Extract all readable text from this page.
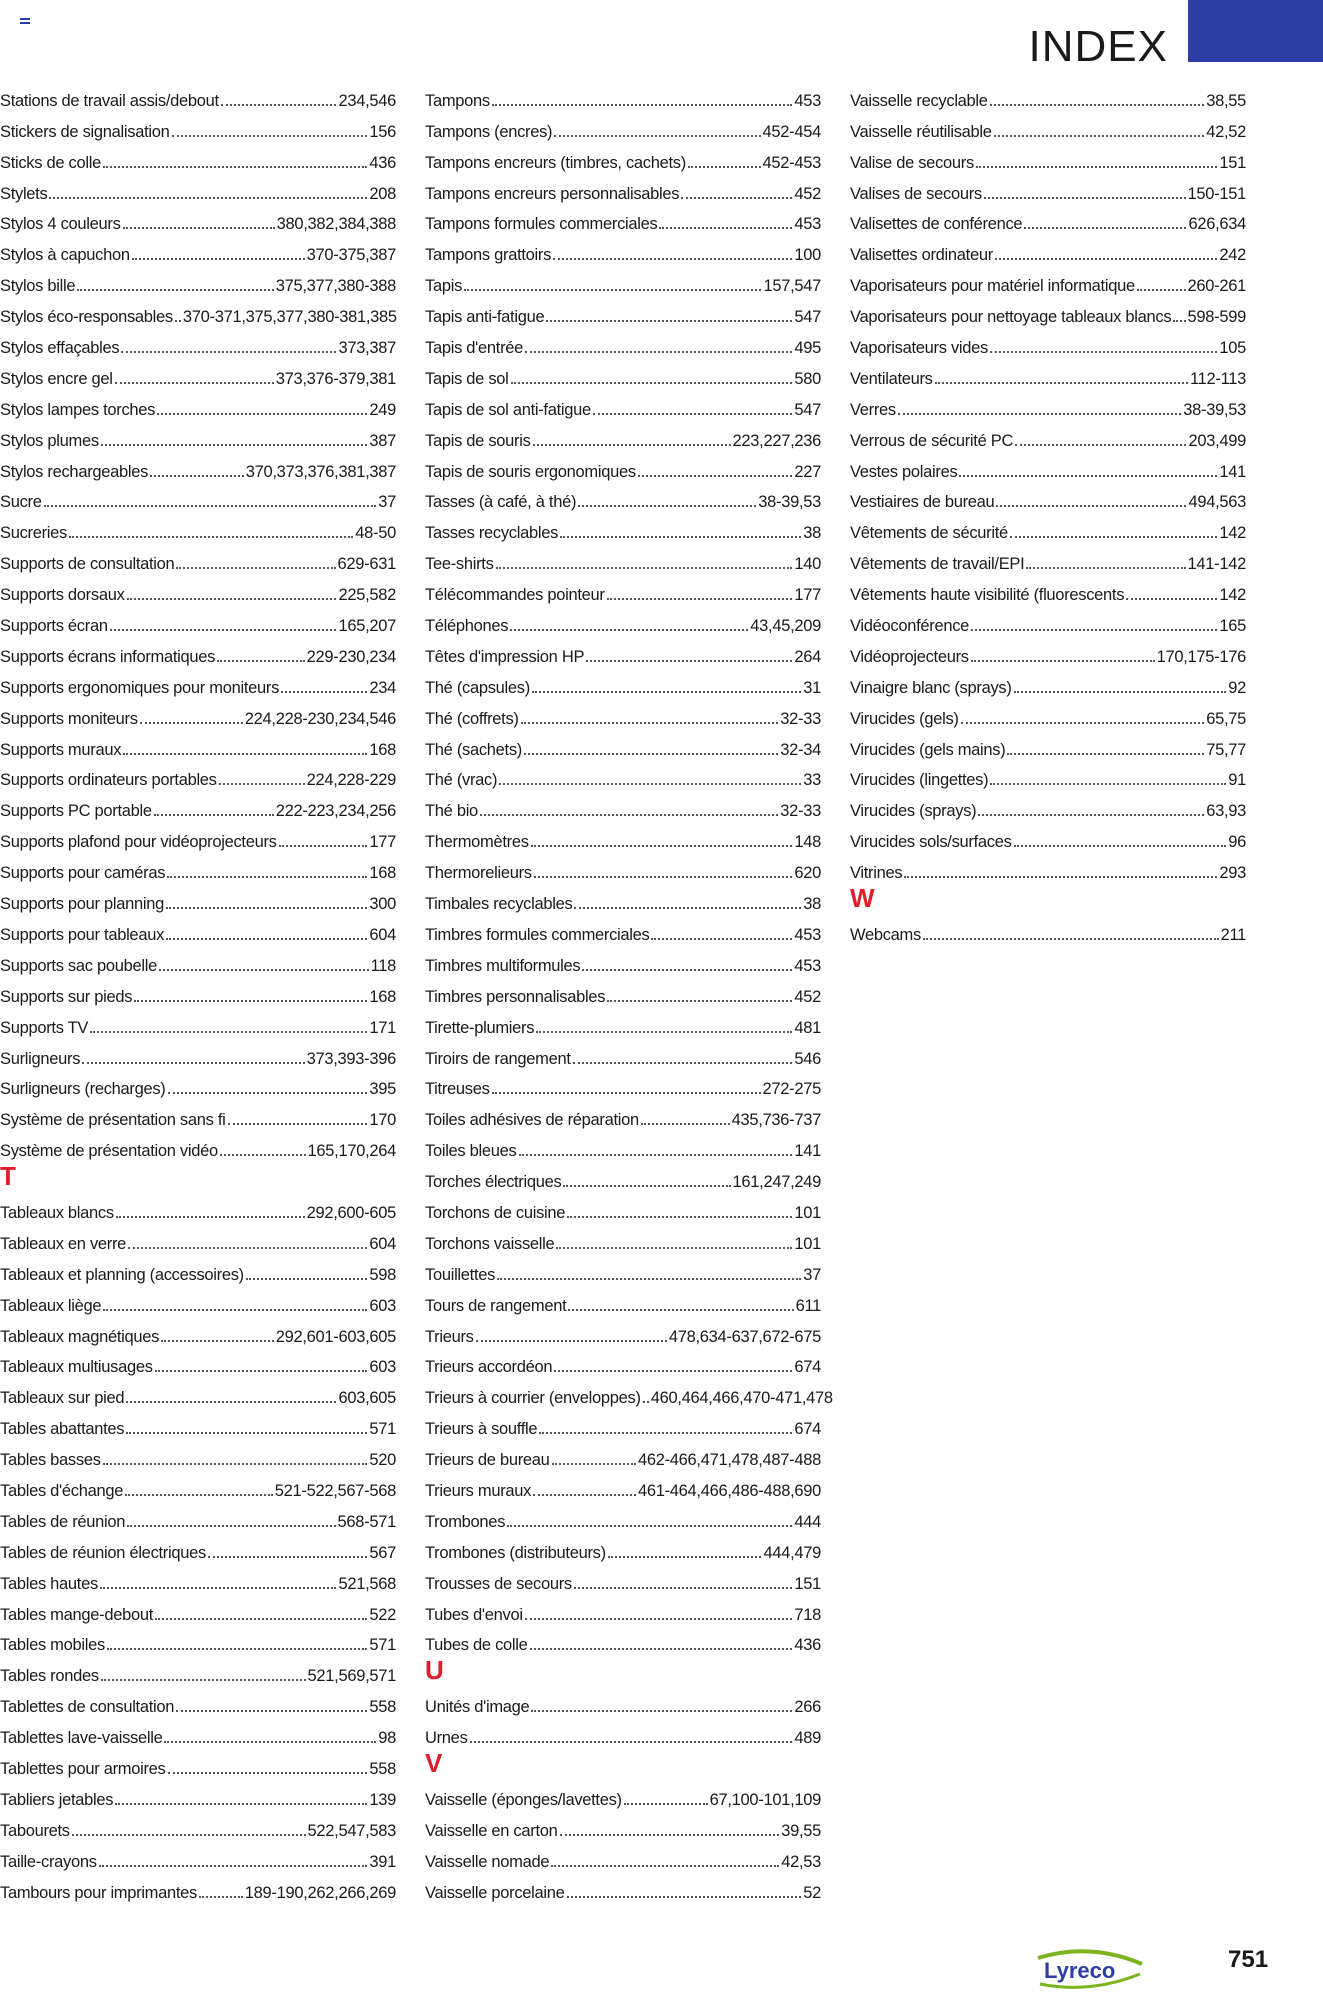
INDEX
Stations de travail assis/debout	234,546
Stickers de signalisation	156
Sticks de colle	436
Stylets	208
Stylos 4 couleurs	380,382,384,388
Stylos à capuchon	370-375,387
Stylos bille	375,377,380-388
Stylos éco-responsables 370-371,375,377,380-381,385
Stylos effaçables	373,387
Stylos encre gel	373,376-379,381
Stylos lampes torches	249
Stylos plumes	387
Stylos rechargeables	370,373,376,381,387
Sucre	37
Sucreries	48-50
Supports de consultation	629-631
Supports dorsaux	225,582
Supports écran	165,207
Supports écrans informatiques	229-230,234
Supports ergonomiques pour moniteurs	234
Supports moniteurs	224,228-230,234,546
Supports muraux	168
Supports ordinateurs portables	224,228-229
Supports PC portable	222-223,234,256
Supports plafond pour vidéoprojecteurs	177
Supports pour caméras	168
Supports pour planning	300
Supports pour tableaux	604
Supports sac poubelle	118
Supports sur pieds	168
Supports TV	171
Surligneurs	373,393-396
Surligneurs (recharges)	395
Système de présentation sans fi	170
Système de présentation vidéo	165,170,264
T
Tableaux blancs	292,600-605
Tableaux en verre	604
Tableaux et planning (accessoires)	598
Tableaux liège	603
Tableaux magnétiques	292,601-603,605
Tableaux multiusages	603
Tableaux sur pied	603,605
Tables abattantes	571
Tables basses	520
Tables d'échange	521-522,567-568
Tables de réunion	568-571
Tables de réunion électriques	567
Tables hautes	521,568
Tables mange-debout	522
Tables mobiles	571
Tables rondes	521,569,571
Tablettes de consultation	558
Tablettes lave-vaisselle	98
Tablettes pour armoires	558
Tabliers jetables	139
Tabourets	522,547,583
Taille-crayons	391
Tambours pour imprimantes	189-190,262,266,269
Tampons	453
Tampons (encres)	452-454
Tampons encreurs (timbres, cachets)	452-453
Tampons encreurs personnalisables	452
Tampons formules commerciales	453
Tampons grattoirs	100
Tapis	157,547
Tapis anti-fatigue	547
Tapis d'entrée	495
Tapis de sol	580
Tapis de sol anti-fatigue	547
Tapis de souris	223,227,236
Tapis de souris ergonomiques	227
Tasses (à café, à thé)	38-39,53
Tasses recyclables	38
Tee-shirts	140
Télécommandes pointeur	177
Téléphones	43,45,209
Têtes d'impression HP	264
Thé (capsules)	31
Thé (coffrets)	32-33
Thé (sachets)	32-34
Thé (vrac)	33
Thé bio	32-33
Thermomètres	148
Thermorelieurs	620
Timbales recyclables	38
Timbres formules commerciales	453
Timbres multiformules	453
Timbres personnalisables	452
Tirette-plumiers	481
Tiroirs de rangement	546
Titreuses	272-275
Toiles adhésives de réparation	435,736-737
Toiles bleues	141
Torches électriques	161,247,249
Torchons de cuisine	101
Torchons vaisselle	101
Touillettes	37
Tours de rangement	611
Trieurs	478,634-637,672-675
Trieurs accordéon	674
Trieurs à courrier (enveloppes) 460,464,466,470-471,478
Trieurs à souffle	674
Trieurs de bureau	462-466,471,478,487-488
Trieurs muraux	461-464,466,486-488,690
Trombones	444
Trombones (distributeurs)	444,479
Trousses de secours	151
Tubes d'envoi	718
Tubes de colle	436
U
Unités d'image	266
Urnes	489
V
Vaisselle (éponges/lavettes)	67,100-101,109
Vaisselle en carton	39,55
Vaisselle nomade	42,53
Vaisselle porcelaine	52
Vaisselle recyclable	38,55
Vaisselle réutilisable	42,52
Valise de secours	151
Valises de secours	150-151
Valisettes de conférence	626,634
Valisettes ordinateur	242
Vaporisateurs pour matériel informatique	260-261
Vaporisateurs pour nettoyage tableaux blancs 598-599
Vaporisateurs vides	105
Ventilateurs	112-113
Verres	38-39,53
Verrous de sécurité PC	203,499
Vestes polaires	141
Vestiaires de bureau	494,563
Vêtements de sécurité	142
Vêtements de travail/EPI	141-142
Vêtements haute visibilité (fluorescents	142
Vidéoconférence	165
Vidéoprojecteurs	170,175-176
Vinaigre blanc (sprays)	92
Virucides (gels)	65,75
Virucides (gels mains)	75,77
Virucides (lingettes)	91
Virucides (sprays)	63,93
Virucides sols/surfaces	96
Vitrines	293
W
Webcams	211
Lyreco	751
